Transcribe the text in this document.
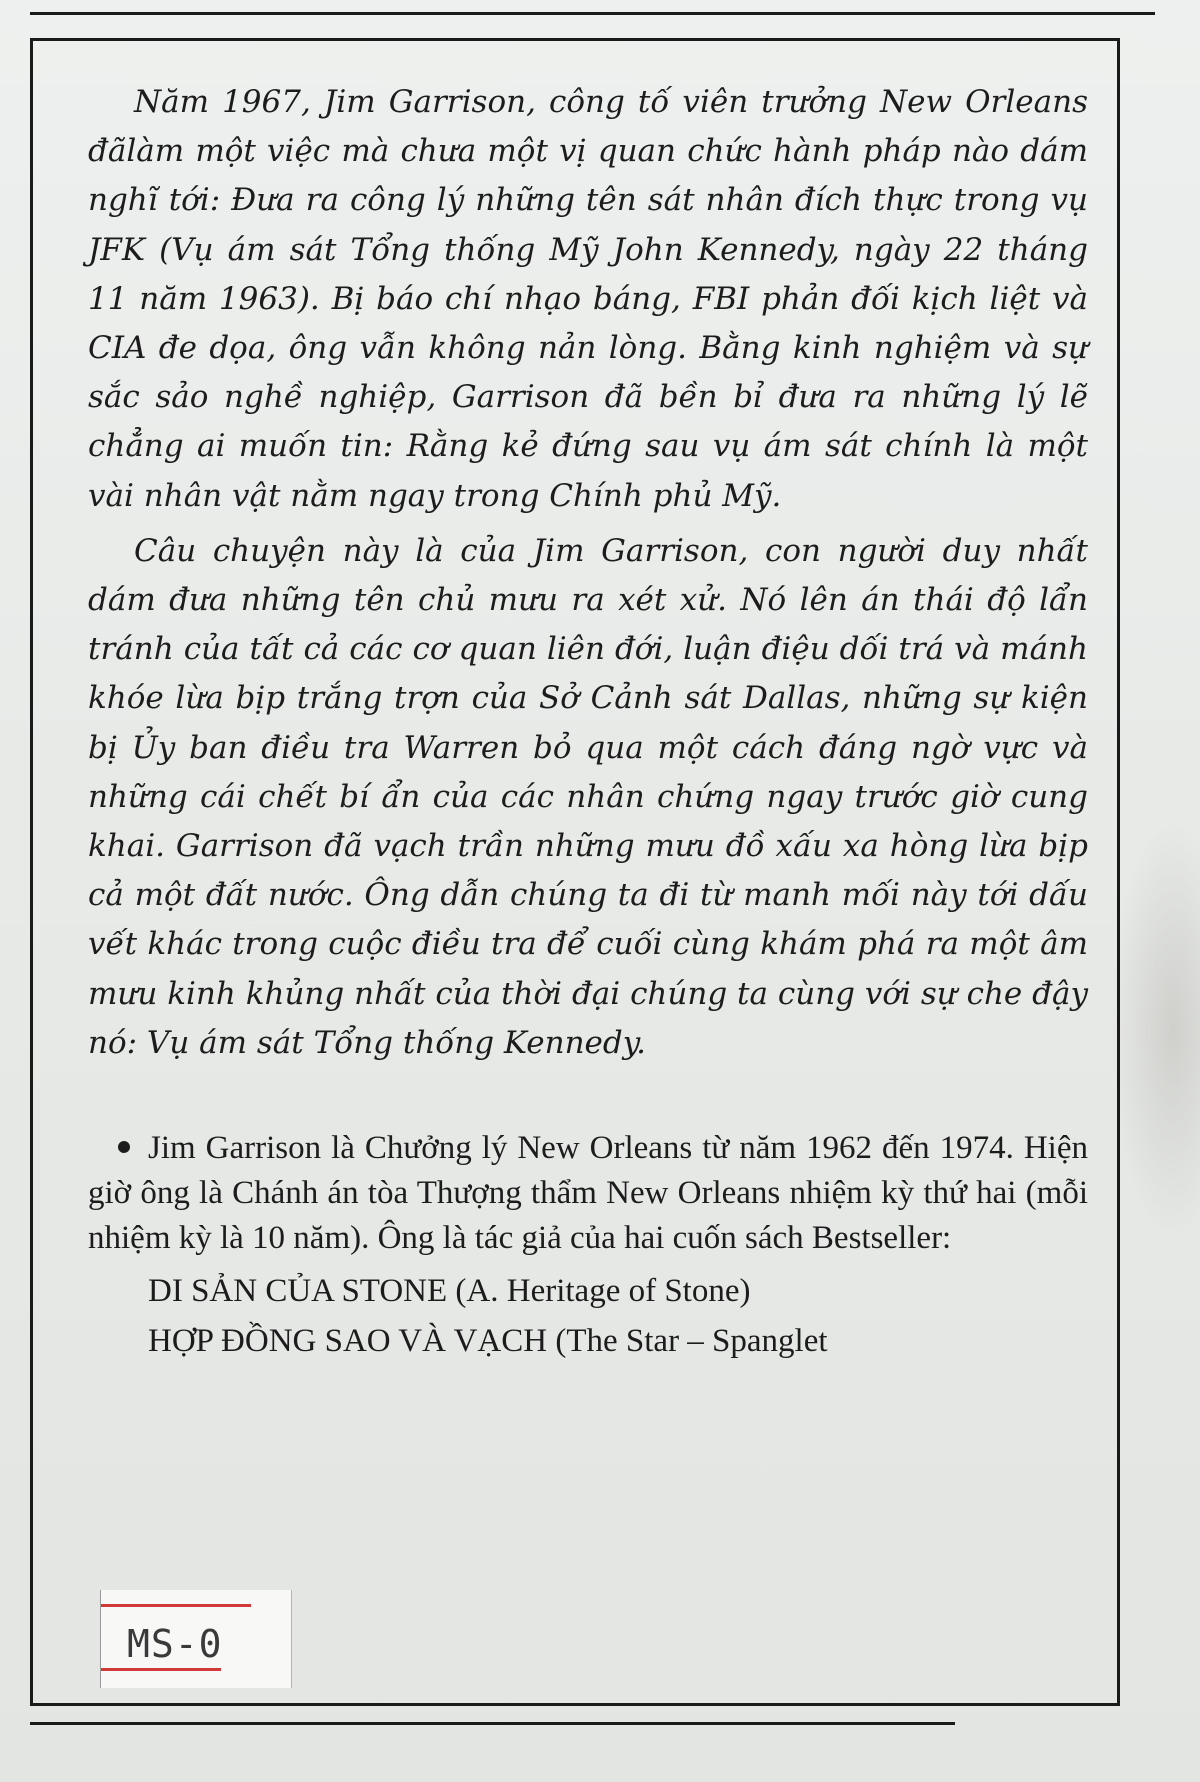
Năm 1967, Jim Garrison, công tố viên trưởng New Orleans đãlàm một việc mà chưa một vị quan chức hành pháp nào dám nghĩ tới: Đưa ra công lý những tên sát nhân đích thực trong vụ JFK (Vụ ám sát Tổng thống Mỹ John Kennedy, ngày 22 tháng 11 năm 1963). Bị báo chí nhạo báng, FBI phản đối kịch liệt và CIA đe dọa, ông vẫn không nản lòng. Bằng kinh nghiệm và sự sắc sảo nghề nghiệp, Garrison đã bền bỉ đưa ra những lý lẽ chẳng ai muốn tin: Rằng kẻ đứng sau vụ ám sát chính là một vài nhân vật nằm ngay trong Chính phủ Mỹ.

Câu chuyện này là của Jim Garrison, con người duy nhất dám đưa những tên chủ mưu ra xét xử. Nó lên án thái độ lẩn tránh của tất cả các cơ quan liên đới, luận điệu dối trá và mánh khóe lừa bịp trắng trợn của Sở Cảnh sát Dallas, những sự kiện bị Ủy ban điều tra Warren bỏ qua một cách đáng ngờ vực và những cái chết bí ẩn của các nhân chứng ngay trước giờ cung khai. Garrison đã vạch trần những mưu đồ xấu xa hòng lừa bịp cả một đất nước. Ông dẫn chúng ta đi từ manh mối này tới dấu vết khác trong cuộc điều tra để cuối cùng khám phá ra một âm mưu kinh khủng nhất của thời đại chúng ta cùng với sự che đậy nó: Vụ ám sát Tổng thống Kennedy.

Jim Garrison là Chưởng lý New Orleans từ năm 1962 đến 1974. Hiện giờ ông là Chánh án tòa Thượng thẩm New Orleans nhiệm kỳ thứ hai (mỗi nhiệm kỳ là 10 năm). Ông là tác giả của hai cuốn sách Bestseller:

DI SẢN CỦA STONE (A. Heritage of Stone)
HỢP ĐỒNG SAO VÀ VẠCH (The Star – Spanglet
MS-0
